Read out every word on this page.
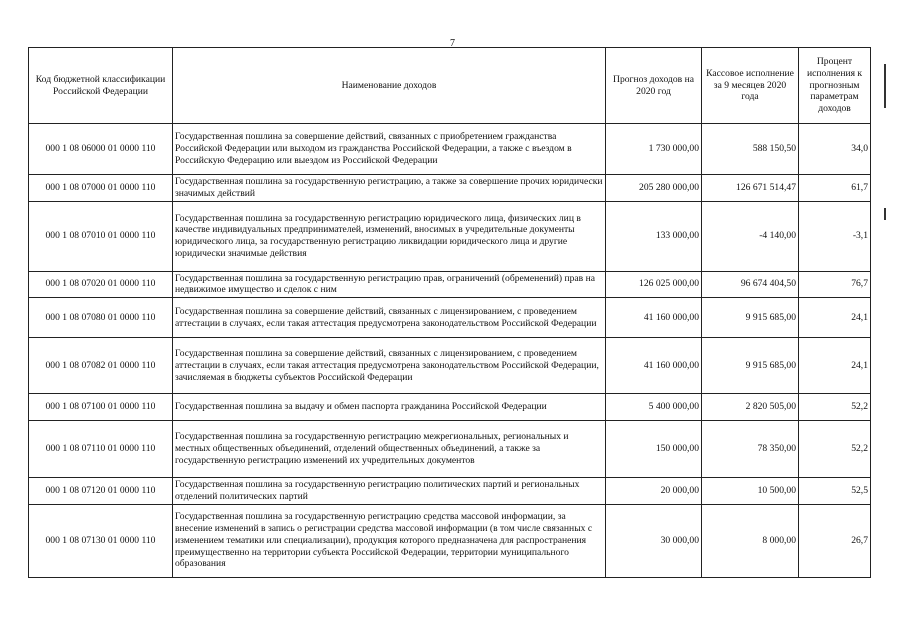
7
Код бюджетной классификации Российской Федерации	Наименование доходов	Прогноз доходов на 2020 год	Кассовое исполнение за 9 месяцев 2020 года	Процент исполнения к прогнозным параметрам доходов
000 1 08 06000 01 0000 110	Государственная пошлина за совершение действий, связанных с приобретением гражданства Российской Федерации или выходом из гражданства Российской Федерации, а также с въездом в Российскую Федерацию или выездом из Российской Федерации	1 730 000,00	588 150,50	34,0
000 1 08 07000 01 0000 110	Государственная пошлина за государственную регистрацию, а также за совершение прочих юридически значимых действий	205 280 000,00	126 671 514,47	61,7
000 1 08 07010 01 0000 110	Государственная пошлина за государственную регистрацию юридического лица, физических лиц в качестве индивидуальных предпринимателей, изменений, вносимых в учредительные документы юридического лица, за государственную регистрацию ликвидации юридического лица и другие юридически значимые действия	133 000,00	-4 140,00	-3,1
000 1 08 07020 01 0000 110	Государственная пошлина за государственную регистрацию прав, ограничений (обременений) прав на недвижимое имущество и сделок с ним	126 025 000,00	96 674 404,50	76,7
000 1 08 07080 01 0000 110	Государственная пошлина за совершение действий, связанных с лицензированием, с проведением аттестации в случаях, если такая аттестация предусмотрена законодательством Российской Федерации	41 160 000,00	9 915 685,00	24,1
000 1 08 07082 01 0000 110	Государственная пошлина за совершение действий, связанных с лицензированием, с проведением аттестации в случаях, если такая аттестация предусмотрена законодательством Российской Федерации, зачисляемая в бюджеты субъектов Российской Федерации	41 160 000,00	9 915 685,00	24,1
000 1 08 07100 01 0000 110	Государственная пошлина за выдачу и обмен паспорта гражданина Российской Федерации	5 400 000,00	2 820 505,00	52,2
000 1 08 07110 01 0000 110	Государственная пошлина за государственную регистрацию межрегиональных, региональных и местных общественных объединений, отделений общественных объединений, а также за государственную регистрацию изменений их учредительных документов	150 000,00	78 350,00	52,2
000 1 08 07120 01 0000 110	Государственная пошлина за государственную регистрацию политических партий и региональных отделений политических партий	20 000,00	10 500,00	52,5
000 1 08 07130 01 0000 110	Государственная пошлина за государственную регистрацию средства массовой информации, за внесение изменений в запись о регистрации средства массовой информации (в том числе связанных с изменением тематики или специализации), продукция которого предназначена для распространения преимущественно на территории субъекта Российской Федерации, территории муниципального образования	30 000,00	8 000,00	26,7
